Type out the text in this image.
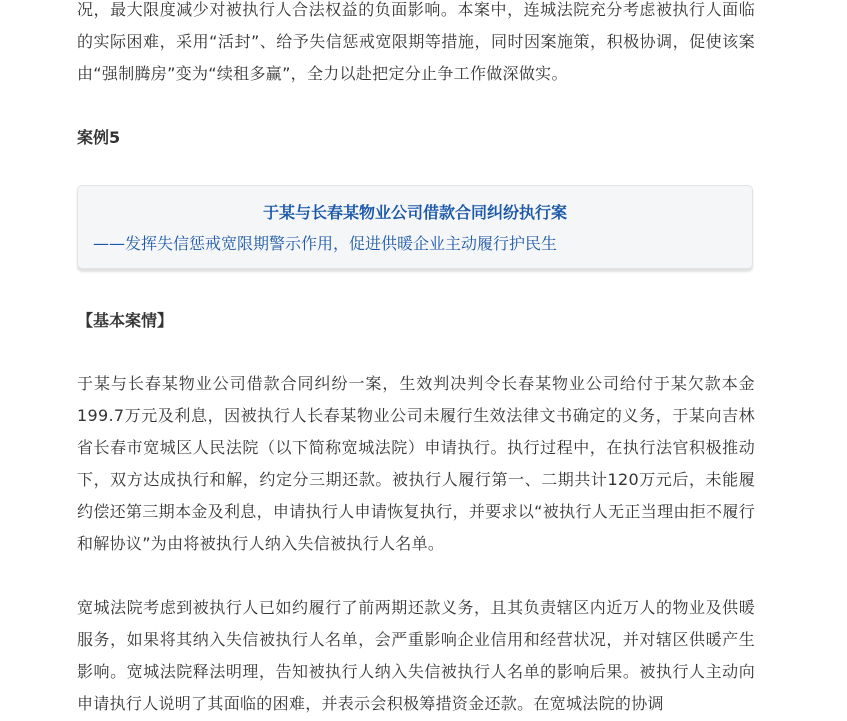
况，最大限度减少对被执行人合法权益的负面影响。本案中，连城法院充分考虑被执行人面临的实际困难，采用“活封”、给予失信惩戒宽限期等措施，同时因案施策，积极协调，促使该案由“强制腾房”变为“续租多赢”，全力以赴把定分止争工作做深做实。

案例5
于某与长春某物业公司借款合同纠纷执行案
——发挥失信惩戒宽限期警示作用，促进供暖企业主动履行护民生
【基本案情】

于某与长春某物业公司借款合同纠纷一案，生效判决判令长春某物业公司给付于某欠款本金199.7万元及利息，因被执行人长春某物业公司未履行生效法律文书确定的义务，于某向吉林省长春市宽城区人民法院（以下简称宽城法院）申请执行。执行过程中，在执行法官积极推动下，双方达成执行和解，约定分三期还款。被执行人履行第一、二期共计120万元后，未能履约偿还第三期本金及利息，申请执行人申请恢复执行，并要求以“被执行人无正当理由拒不履行和解协议”为由将被执行人纳入失信被执行人名单。

宽城法院考虑到被执行人已如约履行了前两期还款义务，且其负责辖区内近万人的物业及供暖服务，如果将其纳入失信被执行人名单，会严重影响企业信用和经营状况，并对辖区供暖产生影响。宽城法院释法明理，告知被执行人纳入失信被执行人名单的影响后果。被执行人主动向申请执行人说明了其面临的困难，并表示会积极筹措资金还款。在宽城法院的协调
